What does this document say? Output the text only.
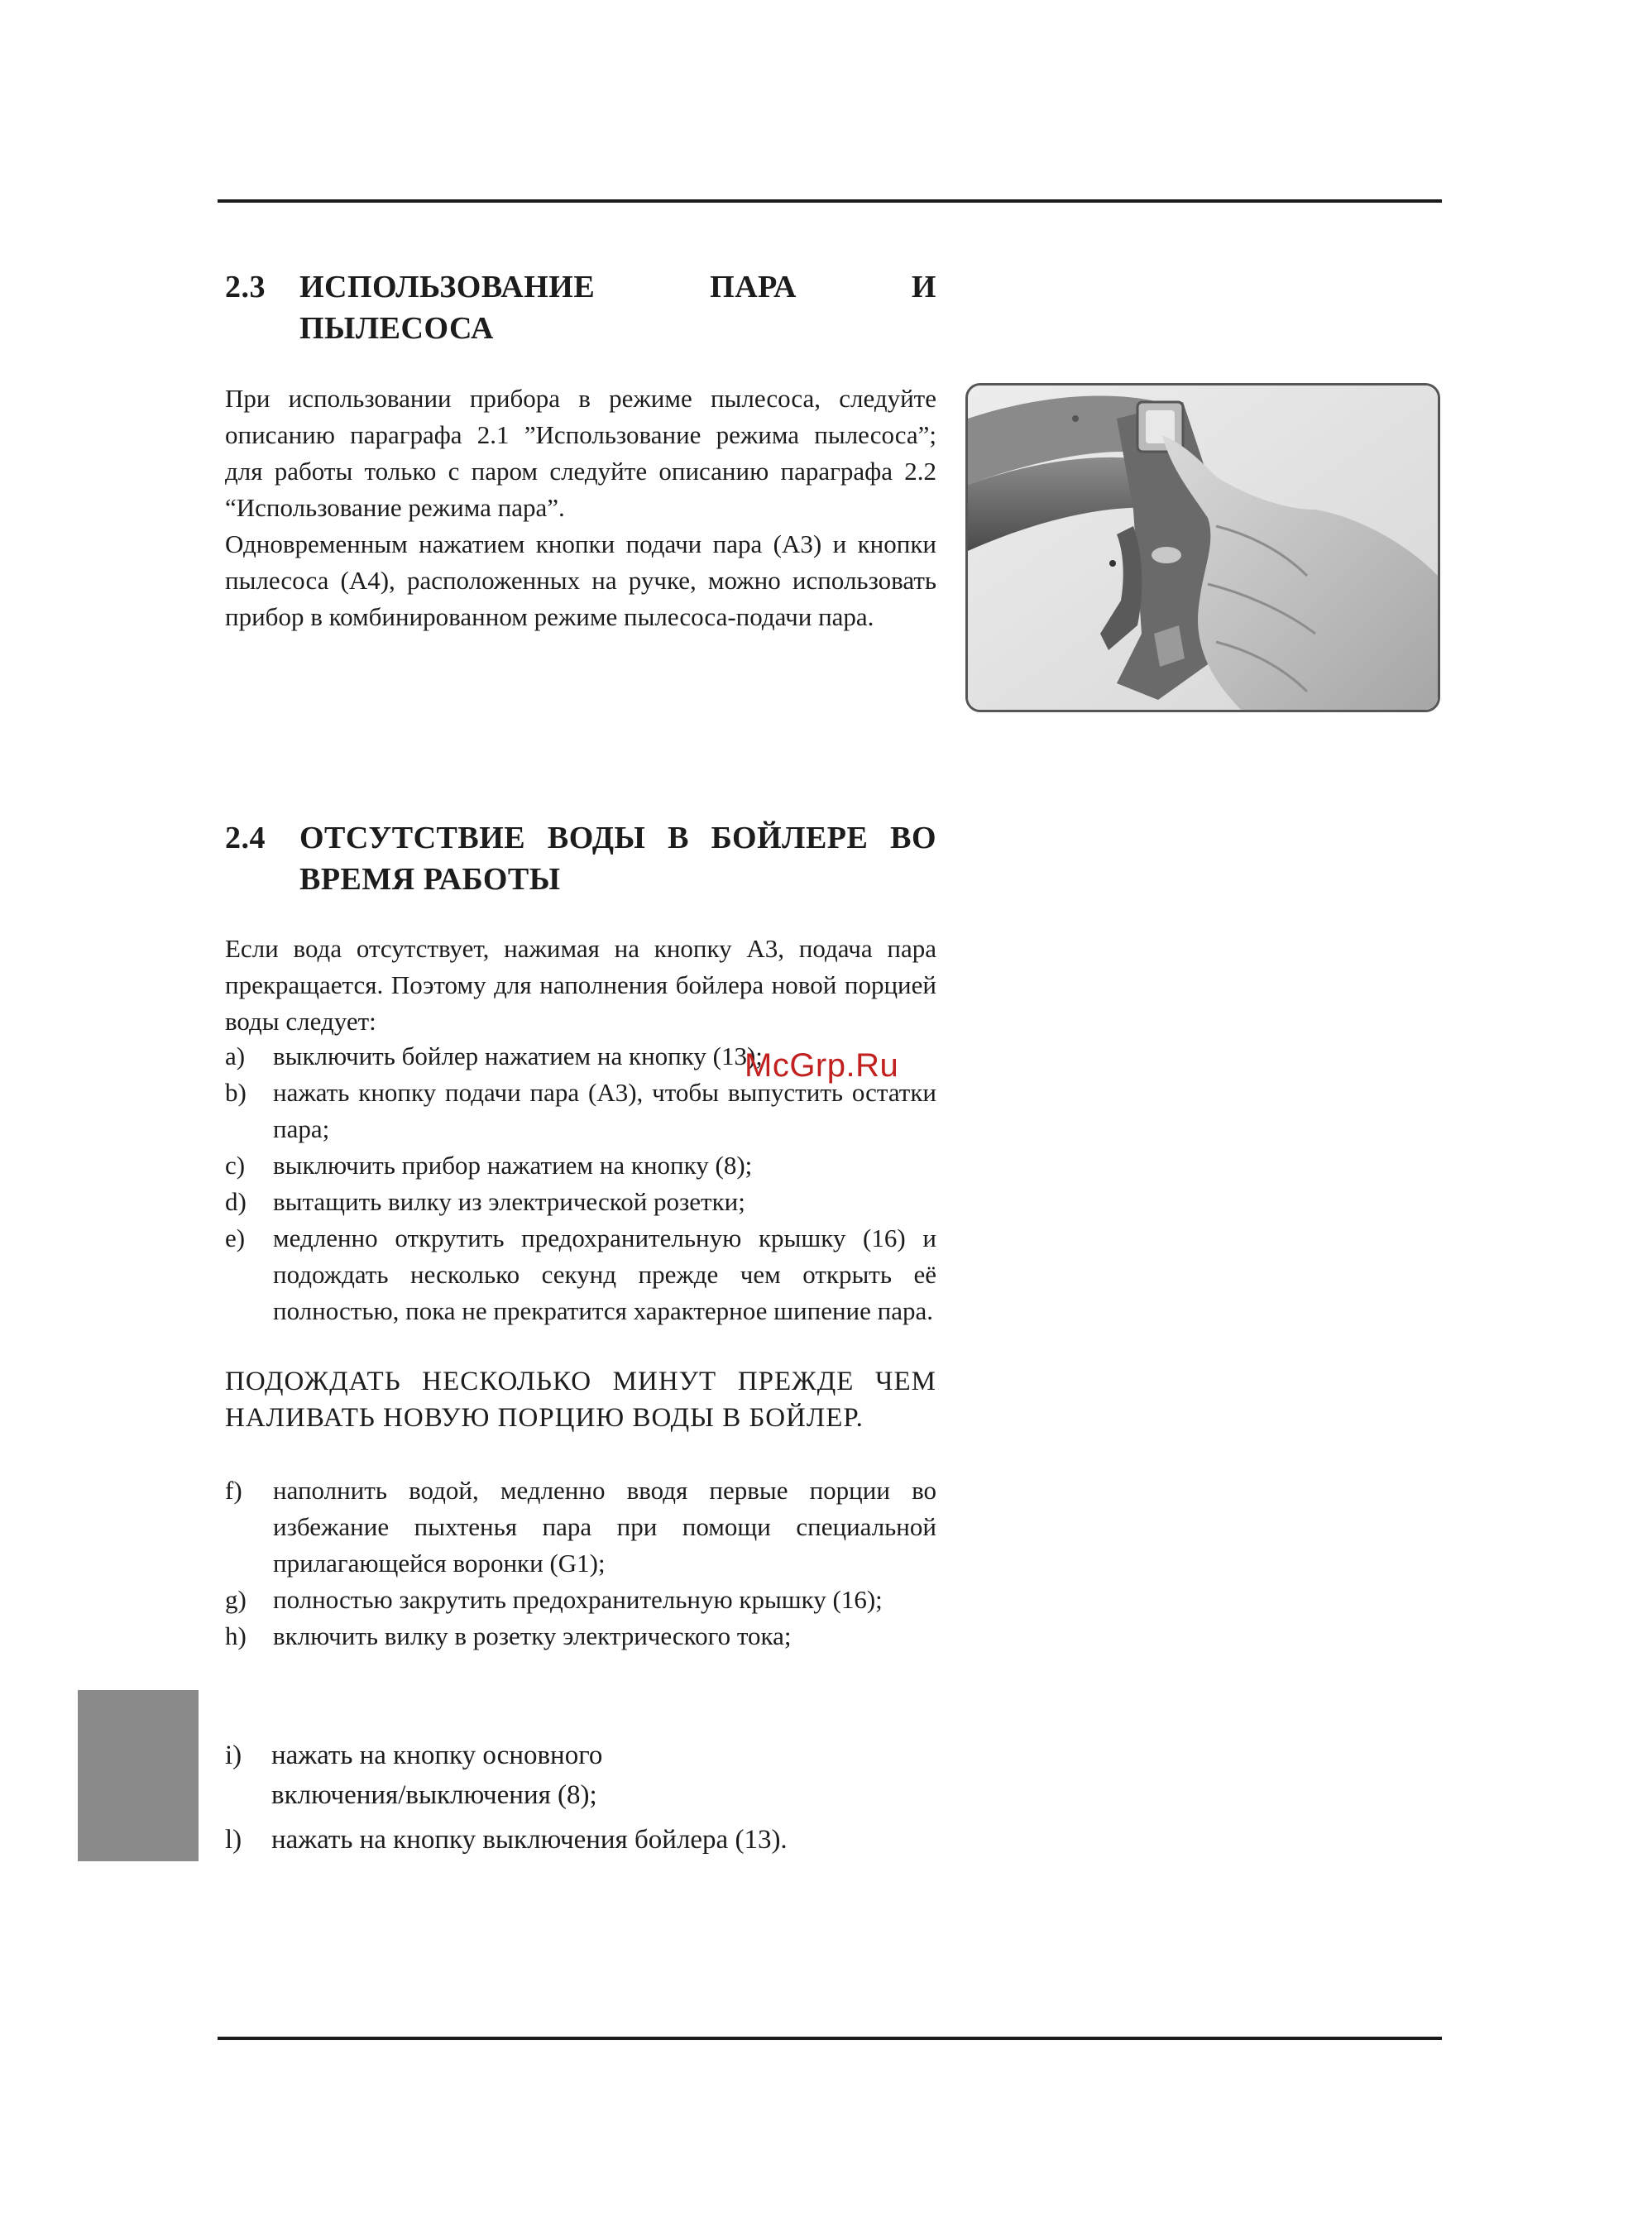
2.3 ИСПОЛЬЗОВАНИЕ	ПАРА	И
ПЫЛЕСОСА
При использовании прибора в режиме пылесоса, следуйте описанию параграфа 2.1 ”Использование режима пылесоса”; для работы только с паром следуйте описанию параграфа 2.2 “Использование режима пара”.
Одновременным нажатием кнопки подачи пара (A3) и кнопки пылесоса (A4), расположенных на ручке, можно использовать прибор в комбинированном режиме пылесоса-подачи пара.
2.4 ОТСУТСТВИЕ ВОДЫ В БОЙЛЕРЕ ВО ВРЕМЯ РАБОТЫ
Если вода отсутствует, нажимая на кнопку A3, подача пара прекращается. Поэтому для наполнения бойлера новой порцией воды следует:
a) выключить бойлер нажатием на кнопку (13);
b) нажать кнопку подачи пара (A3), чтобы выпустить остатки пара;
c) выключить прибор нажатием на кнопку (8);
d) вытащить вилку из электрической розетки;
e) медленно открутить предохранительную крышку (16) и подождать несколько секунд прежде чем открыть её полностью, пока не прекратится характерное шипение пара.
ПОДОЖДАТЬ НЕСКОЛЬКО МИНУТ ПРЕЖДЕ ЧЕМ НАЛИВАТЬ НОВУЮ ПОРЦИЮ ВОДЫ В БОЙЛЕР.
f) наполнить водой, медленно вводя первые порции во избежание пыхтенья пара при помощи специальной прилагающейся воронки (G1);
g) полностью закрутить предохранительную крышку (16);
h) включить вилку в розетку электрического тока;
i) нажать на кнопку основного включения/выключения (8);
l) нажать на кнопку выключения бойлера (13).
McGrp.Ru
